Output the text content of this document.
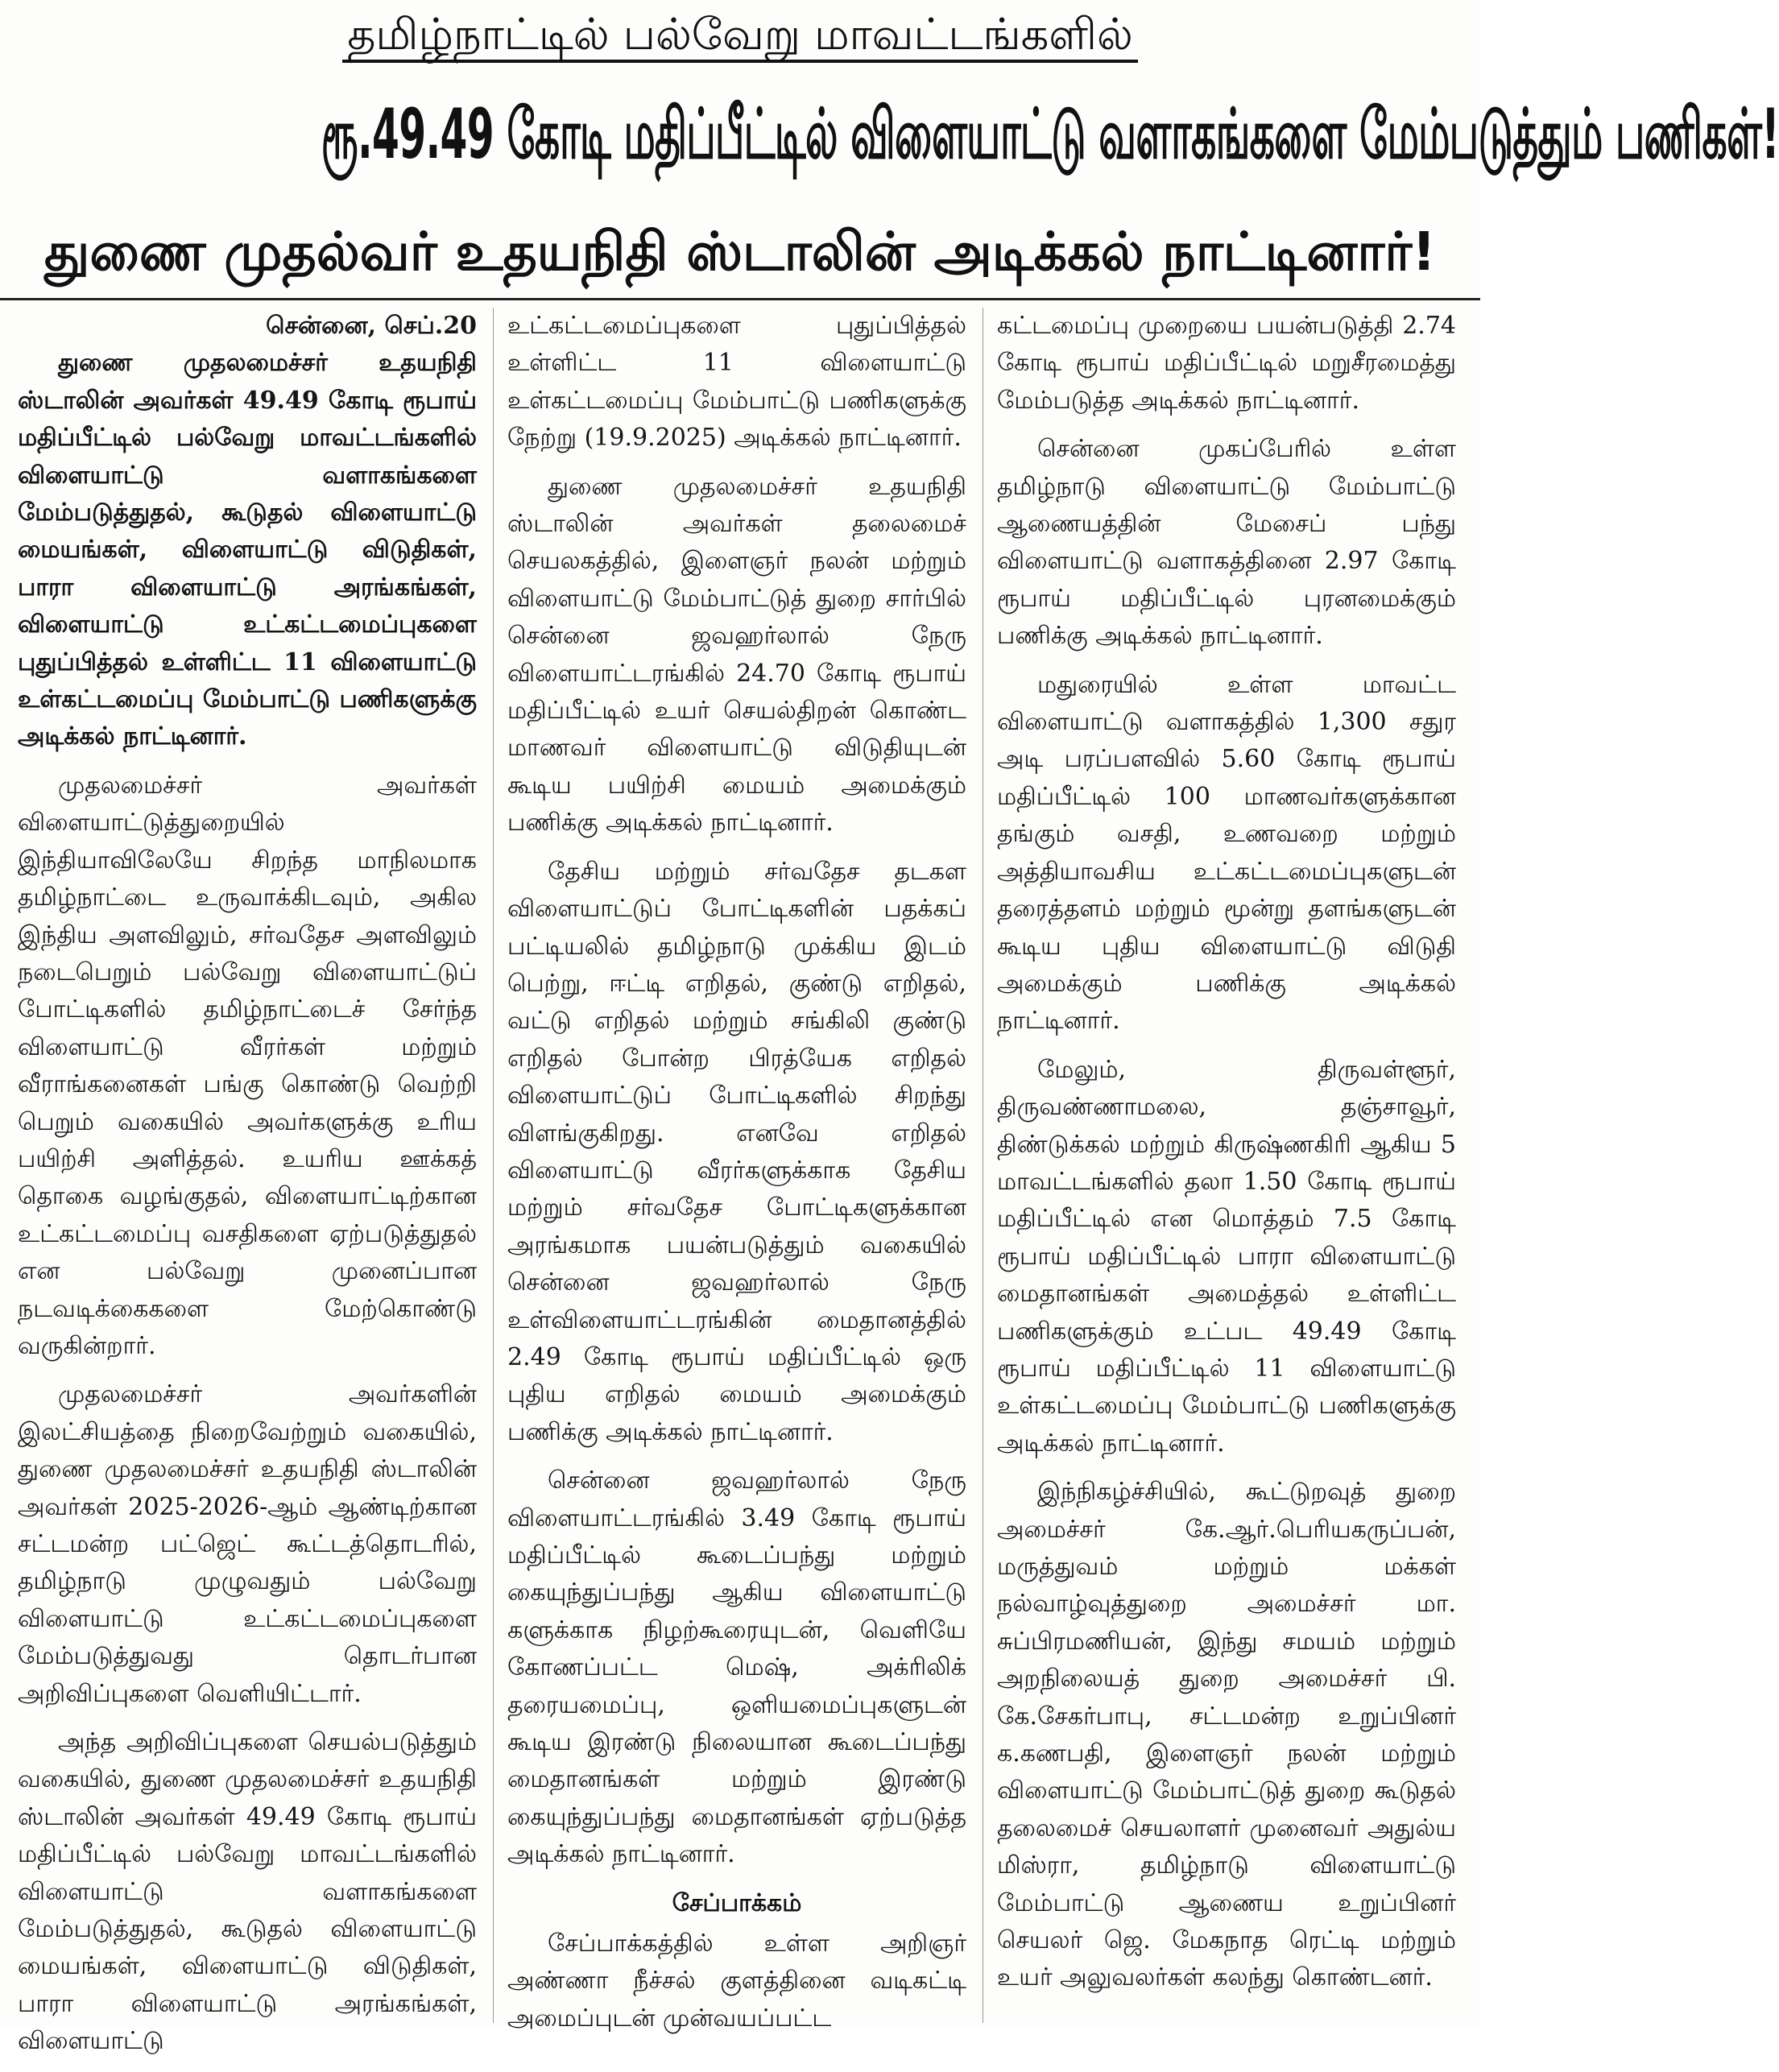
தமிழ்நாட்டில் பல்வேறு மாவட்டங்களில்
ரூ.49.49 கோடி மதிப்பீட்டில் விளையாட்டு வளாகங்களை மேம்படுத்தும் பணிகள்!
துணை முதல்வர் உதயநிதி ஸ்டாலின் அடிக்கல் நாட்டினார்!

சென்னை, செப்.20

துணை முதலமைச்சர் உதயநிதி ஸ்டாலின் அவர்கள் 49.49 கோடி ரூபாய் மதிப்பீட்டில் பல்வேறு மாவட்டங்களில் விளையாட்டு வளாகங்களை மேம்படுத்துதல், கூடுதல் விளையாட்டு மையங்கள், விளையாட்டு விடுதிகள், பாரா விளையாட்டு அரங்கங்கள், விளையாட்டு உட்கட்டமைப்புகளை புதுப்பித்தல் உள்ளிட்ட 11 விளையாட்டு உள்கட்டமைப்பு மேம்பாட்டு பணிகளுக்கு அடிக்கல் நாட்டினார்.

முதலமைச்சர் அவர்கள் விளையாட்டுத்துறையில் இந்தியாவிலேயே சிறந்த மாநிலமாக தமிழ்நாட்டை உருவாக்கிடவும், அகில இந்திய அளவிலும், சர்வதேச அளவிலும் நடைபெறும் பல்வேறு விளையாட்டுப் போட்டிகளில் தமிழ்நாட்டைச் சேர்ந்த விளையாட்டு வீரர்கள் மற்றும் வீராங்கனைகள் பங்கு கொண்டு வெற்றி பெறும் வகையில் அவர்களுக்கு உரிய பயிற்சி அளித்தல். உயரிய ஊக்கத் தொகை வழங்குதல், விளையாட்டிற்கான உட்கட்டமைப்பு வசதிகளை ஏற்படுத்துதல் என பல்வேறு முனைப்பான நடவடிக்கைகளை மேற்கொண்டு வருகின்றார்.

முதலமைச்சர் அவர்களின் இலட்சியத்தை நிறைவேற்றும் வகையில், துணை முதலமைச்சர் உதயநிதி ஸ்டாலின் அவர்கள் 2025-2026-ஆம் ஆண்டிற்கான சட்டமன்ற பட்ஜெட் கூட்டத்தொடரில், தமிழ்நாடு முழுவதும் பல்வேறு விளையாட்டு உட்கட்டமைப்புகளை மேம்படுத்துவது தொடர்பான அறிவிப்புகளை வெளியிட்டார்.

அந்த அறிவிப்புகளை செயல்படுத்தும் வகையில், துணை முதலமைச்சர் உதயநிதி ஸ்டாலின் அவர்கள் 49.49 கோடி ரூபாய் மதிப்பீட்டில் பல்வேறு மாவட்டங்களில் விளையாட்டு வளாகங்களை மேம்படுத்துதல், கூடுதல் விளையாட்டு மையங்கள், விளையாட்டு விடுதிகள், பாரா விளையாட்டு அரங்கங்கள், விளையாட்டு

உட்கட்டமைப்புகளை புதுப்பித்தல் உள்ளிட்ட 11 விளையாட்டு உள்கட்டமைப்பு மேம்பாட்டு பணிகளுக்கு நேற்று (19.9.2025) அடிக்கல் நாட்டினார்.

துணை முதலமைச்சர் உதயநிதி ஸ்டாலின் அவர்கள் தலைமைச் செயலகத்தில், இளைஞர் நலன் மற்றும் விளையாட்டு மேம்பாட்டுத் துறை சார்பில் சென்னை ஜவஹர்லால் நேரு விளையாட்டரங்கில் 24.70 கோடி ரூபாய் மதிப்பீட்டில் உயர் செயல்திறன் கொண்ட மாணவர் விளையாட்டு விடுதியுடன் கூடிய பயிற்சி மையம் அமைக்கும் பணிக்கு அடிக்கல் நாட்டினார்.

தேசிய மற்றும் சர்வதேச தடகள விளையாட்டுப் போட்டிகளின் பதக்கப் பட்டியலில் தமிழ்நாடு முக்கிய இடம் பெற்று, ஈட்டி எறிதல், குண்டு எறிதல், வட்டு எறிதல் மற்றும் சங்கிலி குண்டு எறிதல் போன்ற பிரத்யேக எறிதல் விளையாட்டுப் போட்டிகளில் சிறந்து விளங்குகிறது. எனவே எறிதல் விளையாட்டு வீரர்களுக்காக தேசிய மற்றும் சர்வதேச போட்டிகளுக்கான அரங்கமாக பயன்படுத்தும் வகையில் சென்னை ஜவஹர்லால் நேரு உள்விளையாட்டரங்கின் மைதானத்தில் 2.49 கோடி ரூபாய் மதிப்பீட்டில் ஒரு புதிய எறிதல் மையம் அமைக்கும் பணிக்கு அடிக்கல் நாட்டினார்.

சென்னை ஜவஹர்லால் நேரு விளையாட்டரங்கில் 3.49 கோடி ரூபாய் மதிப்பீட்டில் கூடைப்பந்து மற்றும் கையுந்துப்பந்து ஆகிய விளையாட்டு களுக்காக நிழற்கூரையுடன், வெளியே கோணப்பட்ட மெஷ், அக்ரிலிக் தரையமைப்பு, ஒளியமைப்புகளுடன் கூடிய இரண்டு நிலையான கூடைப்பந்து மைதானங்கள் மற்றும் இரண்டு கையுந்துப்பந்து மைதானங்கள் ஏற்படுத்த அடிக்கல் நாட்டினார்.

சேப்பாக்கம்

சேப்பாக்கத்தில் உள்ள அறிஞர் அண்ணா நீச்சல் குளத்தினை வடிகட்டி அமைப்புடன் முன்வயப்பட்ட

கட்டமைப்பு முறையை பயன்படுத்தி 2.74 கோடி ரூபாய் மதிப்பீட்டில் மறுசீரமைத்து மேம்படுத்த அடிக்கல் நாட்டினார்.

சென்னை முகப்பேரில் உள்ள தமிழ்நாடு விளையாட்டு மேம்பாட்டு ஆணையத்தின் மேசைப் பந்து விளையாட்டு வளாகத்தினை 2.97 கோடி ரூபாய் மதிப்பீட்டில் புரனமைக்கும் பணிக்கு அடிக்கல் நாட்டினார்.

மதுரையில் உள்ள மாவட்ட விளையாட்டு வளாகத்தில் 1,300 சதுர அடி பரப்பளவில் 5.60 கோடி ரூபாய் மதிப்பீட்டில் 100 மாணவர்களுக்கான தங்கும் வசதி, உணவறை மற்றும் அத்தியாவசிய உட்கட்டமைப்புகளுடன் தரைத்தளம் மற்றும் மூன்று தளங்களுடன் கூடிய புதிய விளையாட்டு விடுதி அமைக்கும் பணிக்கு அடிக்கல் நாட்டினார்.

மேலும், திருவள்ளூர், திருவண்ணாமலை, தஞ்சாவூர், திண்டுக்கல் மற்றும் கிருஷ்ணகிரி ஆகிய 5 மாவட்டங்களில் தலா 1.50 கோடி ரூபாய் மதிப்பீட்டில் என மொத்தம் 7.5 கோடி ரூபாய் மதிப்பீட்டில் பாரா விளையாட்டு மைதானங்கள் அமைத்தல் உள்ளிட்ட பணிகளுக்கும் உட்பட 49.49 கோடி ரூபாய் மதிப்பீட்டில் 11 விளையாட்டு உள்கட்டமைப்பு மேம்பாட்டு பணிகளுக்கு அடிக்கல் நாட்டினார்.

இந்நிகழ்ச்சியில், கூட்டுறவுத் துறை அமைச்சர் கே.ஆர்.பெரியகருப்பன், மருத்துவம் மற்றும் மக்கள் நல்வாழ்வுத்துறை அமைச்சர் மா. சுப்பிரமணியன், இந்து சமயம் மற்றும் அறநிலையத் துறை அமைச்சர் பி. கே.சேகர்பாபு, சட்டமன்ற உறுப்பினர் க.கணபதி, இளைஞர் நலன் மற்றும் விளையாட்டு மேம்பாட்டுத் துறை கூடுதல் தலைமைச் செயலாளர் முனைவர் அதுல்ய மிஸ்ரா, தமிழ்நாடு விளையாட்டு மேம்பாட்டு ஆணைய உறுப்பினர் செயலர் ஜெ. மேகநாத ரெட்டி மற்றும் உயர் அலுவலர்கள் கலந்து கொண்டனர்.
